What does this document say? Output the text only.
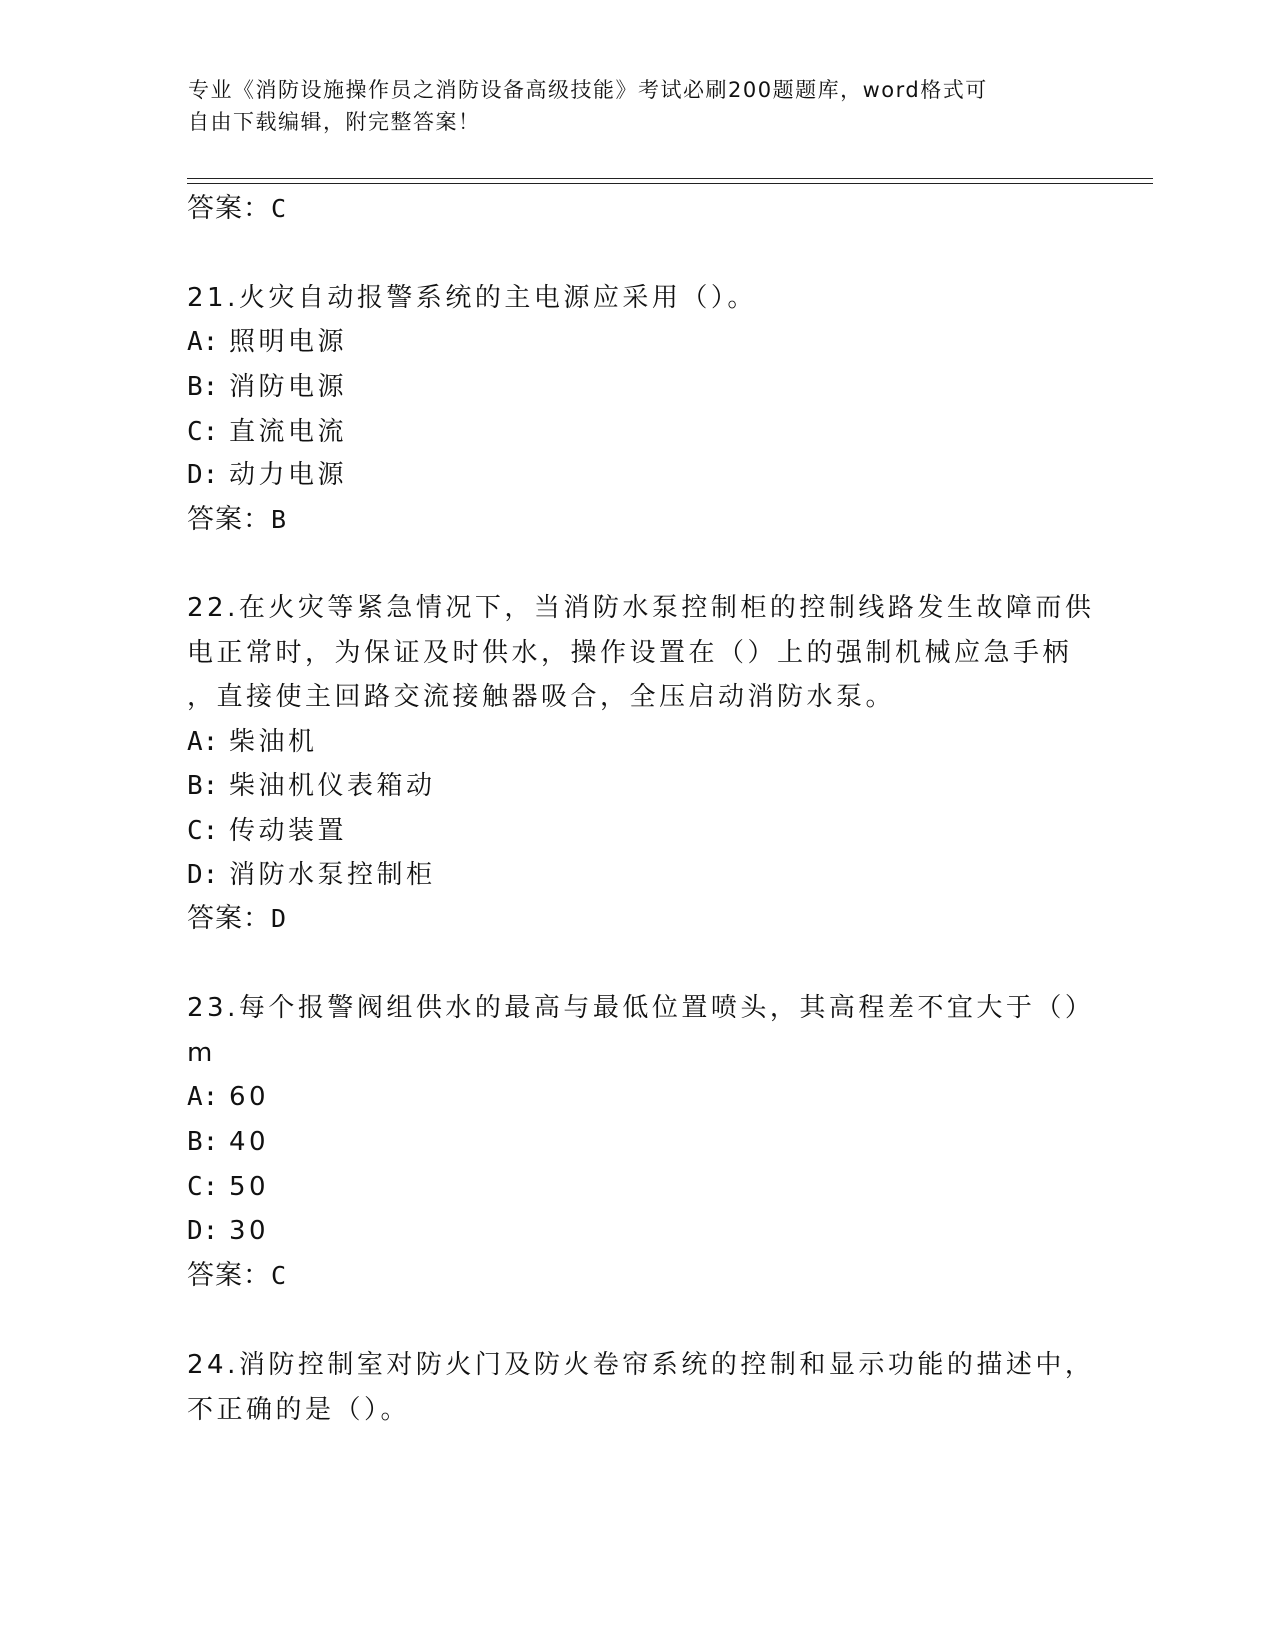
专业《消防设施操作员之消防设备高级技能》考试必刷200题题库，word格式可
自由下载编辑，附完整答案！
答案：C
21.火灾自动报警系统的主电源应采用（）。
A: 照明电源
B: 消防电源
C: 直流电流
D: 动力电源
答案：B
22.在火灾等紧急情况下，当消防水泵控制柜的控制线路发生故障而供
电正常时，为保证及时供水，操作设置在（）上的强制机械应急手柄
，直接使主回路交流接触器吸合，全压启动消防水泵。
A: 柴油机
B: 柴油机仪表箱动
C: 传动装置
D: 消防水泵控制柜
答案：D
23.每个报警阀组供水的最高与最低位置喷头，其高程差不宜大于（）
m
A: 60
B: 40
C: 50
D: 30
答案：C
24.消防控制室对防火门及防火卷帘系统的控制和显示功能的描述中，
不正确的是（）。
